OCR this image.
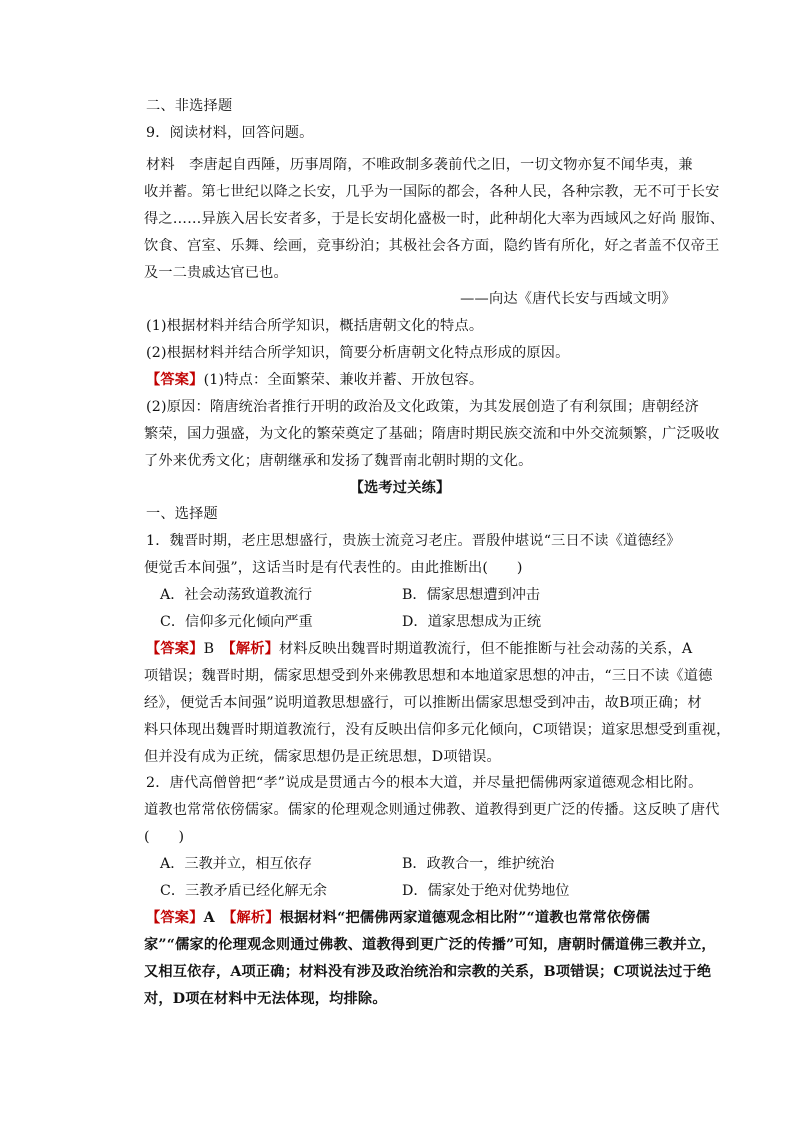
二、非选择题
9．阅读材料，回答问题。
材料　李唐起自西陲，历事周隋，不唯政制多袭前代之旧，一切文物亦复不闻华夷，兼
收并蓄。第七世纪以降之长安，几乎为一国际的都会，各种人民，各种宗教，无不可于长安
得之……异族入居长安者多，于是长安胡化盛极一时，此种胡化大率为西域风之好尚 服饰、
饮食、宫室、乐舞、绘画，竞事纷泊；其极社会各方面，隐约皆有所化，好之者盖不仅帝王
及一二贵戚达官已也。
——向达《唐代长安与西域文明》
(1)根据材料并结合所学知识，概括唐朝文化的特点。
(2)根据材料并结合所学知识，简要分析唐朝文化特点形成的原因。
【答案】(1)特点：全面繁荣、兼收并蓄、开放包容。
(2)原因：隋唐统治者推行开明的政治及文化政策，为其发展创造了有利氛围；唐朝经济
繁荣，国力强盛，为文化的繁荣奠定了基础；隋唐时期民族交流和中外交流频繁，广泛吸收
了外来优秀文化；唐朝继承和发扬了魏晋南北朝时期的文化。
【选考过关练】
一、选择题
1．魏晋时期，老庄思想盛行，贵族士流竞习老庄。晋殷仲堪说“三日不读《道德经》
便觉舌本间强”，这话当时是有代表性的。由此推断出(　　)
A．社会动荡致道教流行	B．儒家思想遭到冲击
C．信仰多元化倾向严重	D．道家思想成为正统
【答案】B　【解析】材料反映出魏晋时期道教流行，但不能推断与社会动荡的关系，A
项错误；魏晋时期，儒家思想受到外来佛教思想和本地道家思想的冲击，“三日不读《道德
经》，便觉舌本间强”说明道教思想盛行，可以推断出儒家思想受到冲击，故B项正确；材
料只体现出魏晋时期道教流行，没有反映出信仰多元化倾向，C项错误；道家思想受到重视，
但并没有成为正统，儒家思想仍是正统思想，D项错误。
2．唐代高僧曾把“孝”说成是贯通古今的根本大道，并尽量把儒佛两家道德观念相比附。
道教也常常依傍儒家。儒家的伦理观念则通过佛教、道教得到更广泛的传播。这反映了唐代
(　　)
A．三教并立，相互依存	B．政教合一，维护统治
C．三教矛盾已经化解无余	D．儒家处于绝对优势地位
【答案】A　【解析】根据材料“把儒佛两家道德观念相比附”“道教也常常依傍儒
家”“儒家的伦理观念则通过佛教、道教得到更广泛的传播”可知，唐朝时儒道佛三教并立，
又相互依存，A项正确；材料没有涉及政治统治和宗教的关系，B项错误；C项说法过于绝
对，D项在材料中无法体现，均排除。
